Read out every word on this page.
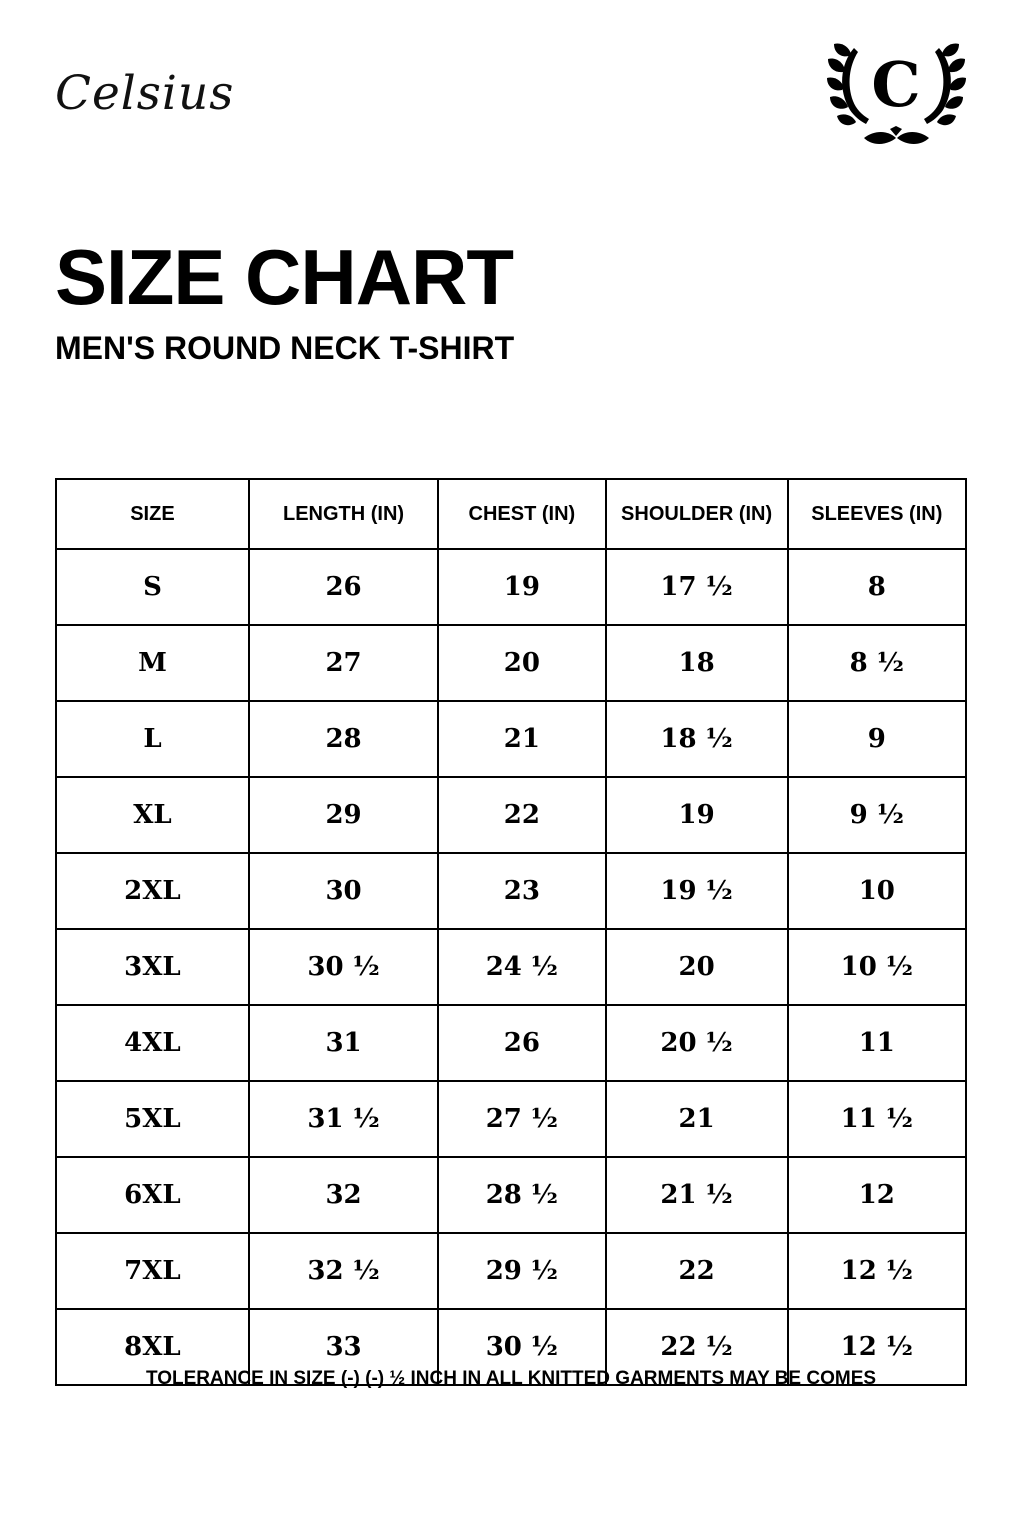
Celsius	C
SIZE CHART
MEN'S ROUND NECK T-SHIRT
SIZE	LENGTH (IN)	CHEST (IN)	SHOULDER (IN)	SLEEVES (IN)
S	26	19	17 ½	8
M	27	20	18	8 ½
L	28	21	18 ½	9
XL	29	22	19	9 ½
2XL	30	23	19 ½	10
3XL	30 ½	24 ½	20	10 ½
4XL	31	26	20 ½	11
5XL	31 ½	27 ½	21	11 ½
6XL	32	28 ½	21 ½	12
7XL	32 ½	29 ½	22	12 ½
8XL	33	30 ½	22 ½	12 ½
TOLERANCE IN SIZE (-) (-) ½ INCH IN ALL KNITTED GARMENTS MAY BE COMES
